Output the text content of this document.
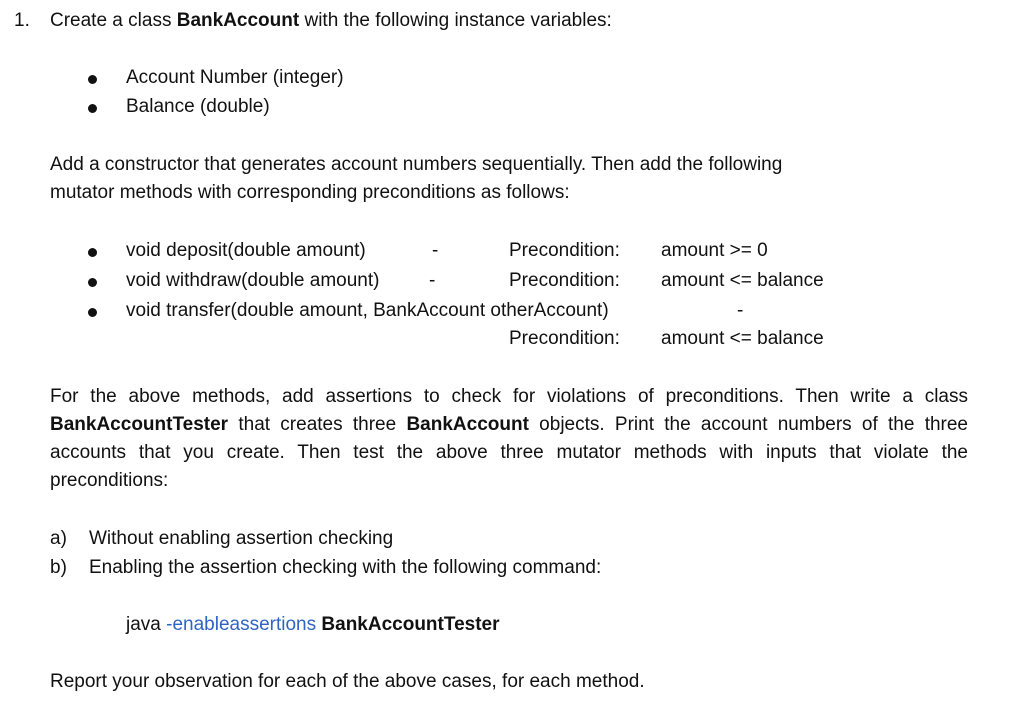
1. Create a class BankAccount with the following instance variables:
Account Number (integer)
Balance (double)
Add a constructor that generates account numbers sequentially. Then add the following
mutator methods with corresponding preconditions as follows:
void deposit(double amount)	-	Precondition: amount >= 0
void withdraw(double amount)	-	Precondition: amount <= balance
void transfer(double amount, BankAccount otherAccount)	-
Precondition: amount <= balance
For the above methods, add assertions to check for violations of preconditions. Then write a class BankAccountTester that creates three BankAccount objects. Print the account numbers of the three accounts that you create. Then test the above three mutator methods with inputs that violate the preconditions:
a) Without enabling assertion checking
b) Enabling the assertion checking with the following command:
java -enableassertions BankAccountTester
Report your observation for each of the above cases, for each method.
